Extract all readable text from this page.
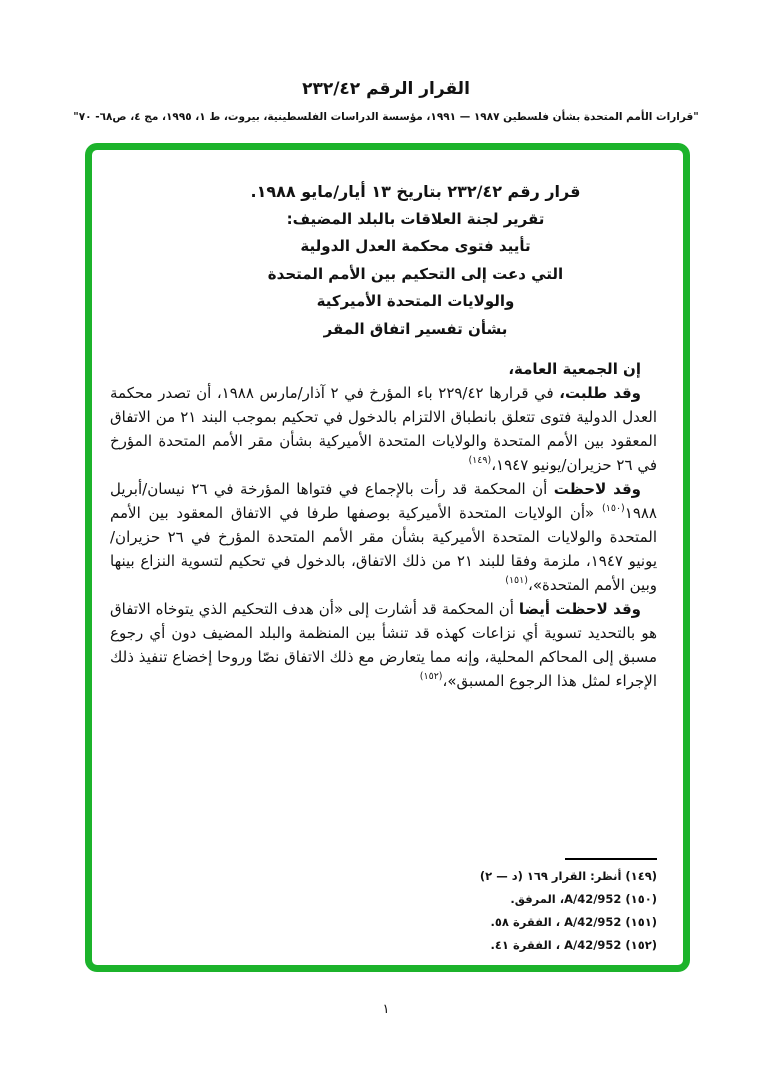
القرار الرقم ٢٣٢/٤٢
"قرارات الأمم المتحدة بشأن فلسطين ١٩٨٧ — ١٩٩١، مؤسسة الدراسات الفلسطينية، بيروت، ط ١، ١٩٩٥، مج ٤، ص٦٨- ٧٠"
قرار رقم ٢٣٢/٤٢ بتاريخ ١٣ أيار/مايو ١٩٨٨.
تقرير لجنة العلاقات بالبلد المضيف:
تأييد فتوى محكمة العدل الدولية
التي دعت إلى التحكيم بين الأمم المتحدة
والولايات المتحدة الأميركية
بشأن تفسير اتفاق المقر

إن الجمعية العامة،

وقد طلبت، في قرارها ٢٢٩/٤٢ باء المؤرخ في ٢ آذار/مارس ١٩٨٨، أن تصدر محكمة العدل الدولية فتوى تتعلق بانطباق الالتزام بالدخول في تحكيم بموجب البند ٢١ من الاتفاق المعقود بين الأمم المتحدة والولايات المتحدة الأميركية بشأن مقر الأمم المتحدة المؤرخ في ٢٦ حزيران/يونيو ١٩٤٧،$^{(١٤٩)}$

وقد لاحظت أن المحكمة قد رأت بالإجماع في فتواها المؤرخة في ٢٦ نيسان/أبريل ١٩٨٨$^{(١٥٠)}$ «أن الولايات المتحدة الأميركية بوصفها طرفا في الاتفاق المعقود بين الأمم المتحدة والولايات المتحدة الأميركية بشأن مقر الأمم المتحدة المؤرخ في ٢٦ حزيران/يونيو ١٩٤٧، ملزمة وفقا للبند ٢١ من ذلك الاتفاق، بالدخول في تحكيم لتسوية النزاع بينها وبين الأمم المتحدة»،$^{(١٥١)}$

وقد لاحظت أيضا أن المحكمة قد أشارت إلى «أن هدف التحكيم الذي يتوخاه الاتفاق هو بالتحديد تسوية أي نزاعات كهذه قد تنشأ بين المنظمة والبلد المضيف دون أي رجوع مسبق إلى المحاكم المحلية، وإنه مما يتعارض مع ذلك الاتفاق نصّا وروحا إخضاع تنفيذ ذلك الإجراء لمثل هذا الرجوع المسبق»،$^{(١٥٢)}$

(١٤٩) أنظر: القرار ١٦٩ (د — ٢)
(١٥٠) A/42/952، المرفق.
(١٥١) A/42/952 ، الفقرة ٥٨.
(١٥٢) A/42/952 ، الفقرة ٤١.
١
